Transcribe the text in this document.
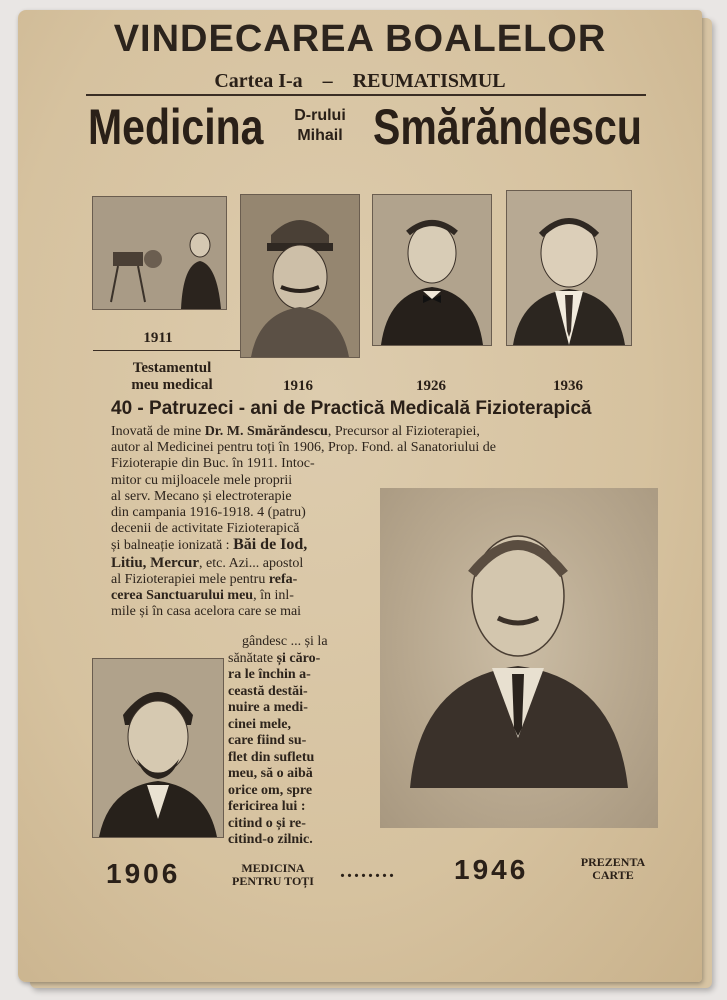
VINDECAREA BOALELOR
Cartea I-a – REUMATISMUL
Medicina	D-rului
Mihail Smărăndescu
1911
Testamentul
meu medical	1916	1926	1936
40 - Patruzeci - ani de Practică Medicală Fizioterapică
Inovată de mine Dr. M. Smărăndescu, Precursor al Fizioterapiei,
autor al Medicinei pentru toți în 1906, Prop. Fond. al Sanatoriului de
Fizioterapie din Buc. în 1911. Intoc-
mitor cu mijloacele mele proprii
al serv. Mecano și electroterapie
din campania 1916-1918. 4 (patru)
decenii de activitate Fizioterapică
și balneație ionizată : Băi de Iod,
Litiu, Mercur, etc. Azi... apostol
al Fizioterapiei mele pentru refa-
cerea Sanctuarului meu, în inl-
mile și în casa acelora care se mai
gândesc ... și la
sănătate și căro-
ra le închin a-
ceastă destăi-
nuire a medi-
cinei mele,
care fiind su-
flet din sufletu
meu, să o aibă
orice om, spre
fericirea lui :
citind o și re-
citind-o zilnic.
1906	MEDICINA
PENTRU TOȚI	........ 1946	PREZENTA
CARTE
